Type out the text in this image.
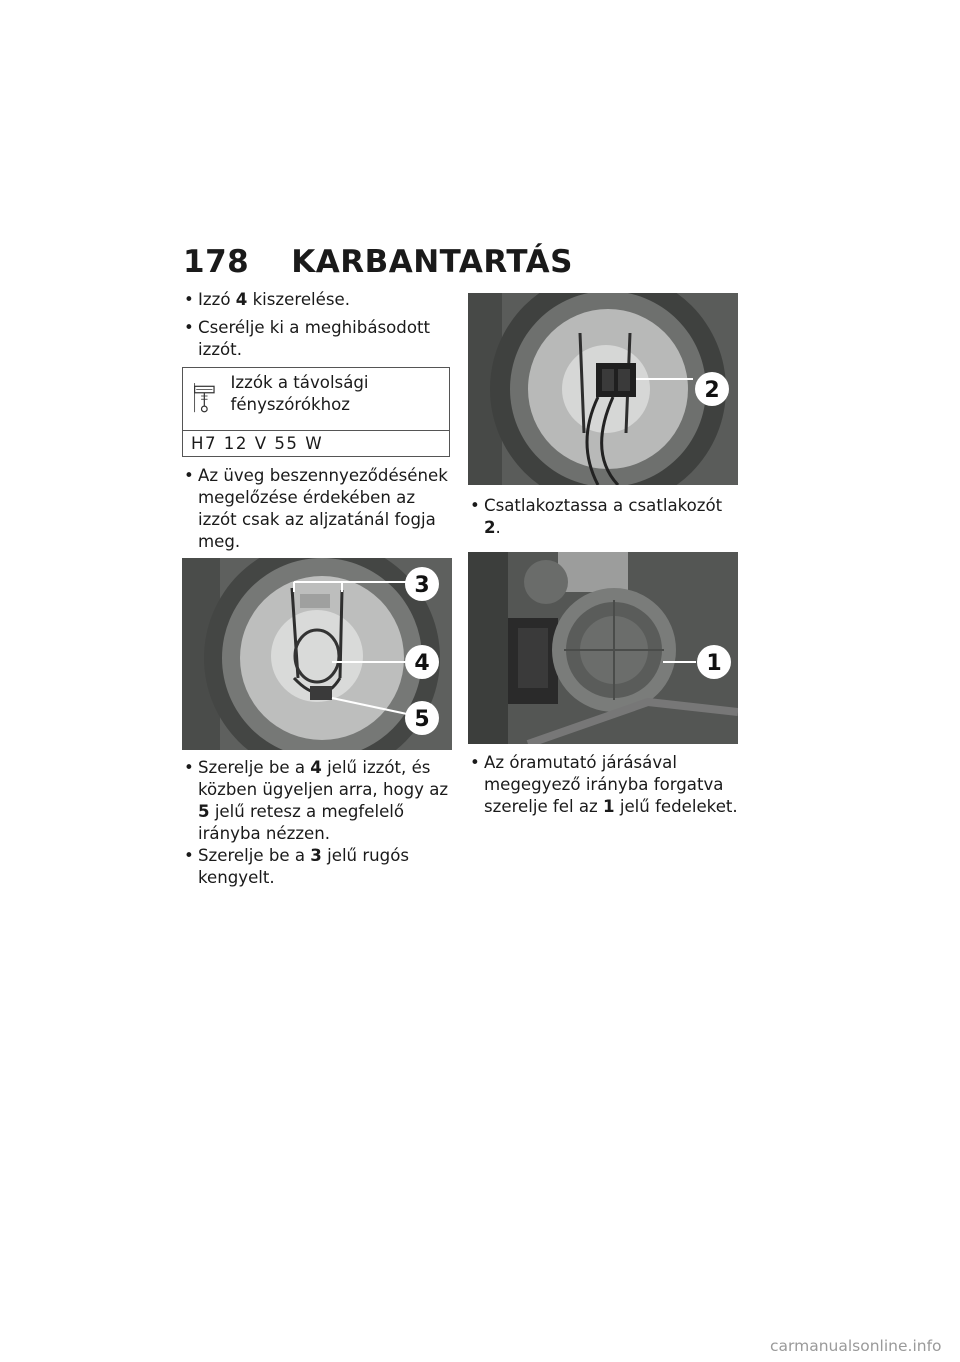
178 KARBANTARTÁS
• Izzó 4 kiszerelése.
• Cserélje ki a meghibásodott izzót.
Izzók a távolsági fényszórókhoz
H7 12 V 55 W
• Az üveg beszennyeződésének megelőzése érdekében az izzót csak az aljzatánál fogja meg.
3
4
5
• Szerelje be a 4 jelű izzót, és közben ügyeljen arra, hogy az 5 jelű retesz a megfelelő irányba nézzen.
• Szerelje be a 3 jelű rugós kengyelt.
2
• Csatlakoztassa a csatlakozót 2.
1
• Az óramutató járásával megegyező irányba forgatva szerelje fel az 1 jelű fedeleket.
carmanualsonline.info
